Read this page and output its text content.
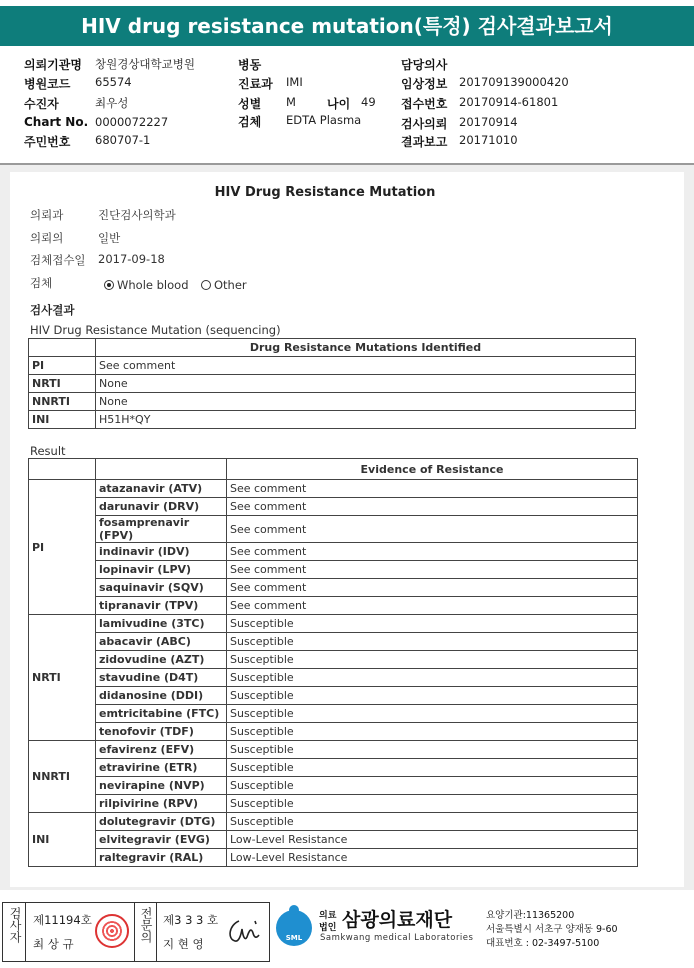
HIV drug resistance mutation(특정) 검사결과보고서
의뢰기관명 창원경상대학교병원
병원코드 65574
수진자	최우성
Chart No. 0000072227
주민번호 680707-1
병동
진료과 IMI
성별 M	나이 49
검체 EDTA Plasma
담당의사
임상정보 201709139000420
접수번호 20170914-61801
검사의뢰 20170914
결과보고 20171010
HIV Drug Resistance Mutation
의뢰과	진단검사의학과
의뢰의	일반
검체접수일 2017-09-18
검체	Whole blood	Other
검사결과
HIV Drug Resistance Mutation (sequencing)
	Drug Resistance Mutations Identified
PI	See comment
NRTI	None
NNRTI	None
INI	H51H*QY
Result
		Evidence of Resistance
PI	atazanavir (ATV)	See comment
	darunavir (DRV)	See comment
	fosamprenavir (FPV)	See comment
	indinavir (IDV)	See comment
	lopinavir (LPV)	See comment
	saquinavir (SQV)	See comment
	tipranavir (TPV)	See comment
NRTI	lamivudine (3TC)	Susceptible
	abacavir (ABC)	Susceptible
	zidovudine (AZT)	Susceptible
	stavudine (D4T)	Susceptible
	didanosine (DDI)	Susceptible
	emtricitabine (FTC)	Susceptible
	tenofovir (TDF)	Susceptible
NNRTI	efavirenz (EFV)	Susceptible
	etravirine (ETR)	Susceptible
	nevirapine (NVP)	Susceptible
	rilpivirine (RPV)	Susceptible
INI	dolutegravir (DTG)	Susceptible
	elvitegravir (EVG)	Low-Level Resistance
	raltegravir (RAL)	Low-Level Resistance
검사자 제11194호
최 상 규
전문의 제3 3 3 호
지 현 영	SML
의료
법인 삼광의료재단
Samkwang medical Laboratories
요양기관:11365200
서울특별시 서초구 양재동 9-60
대표번호 : 02-3497-5100
